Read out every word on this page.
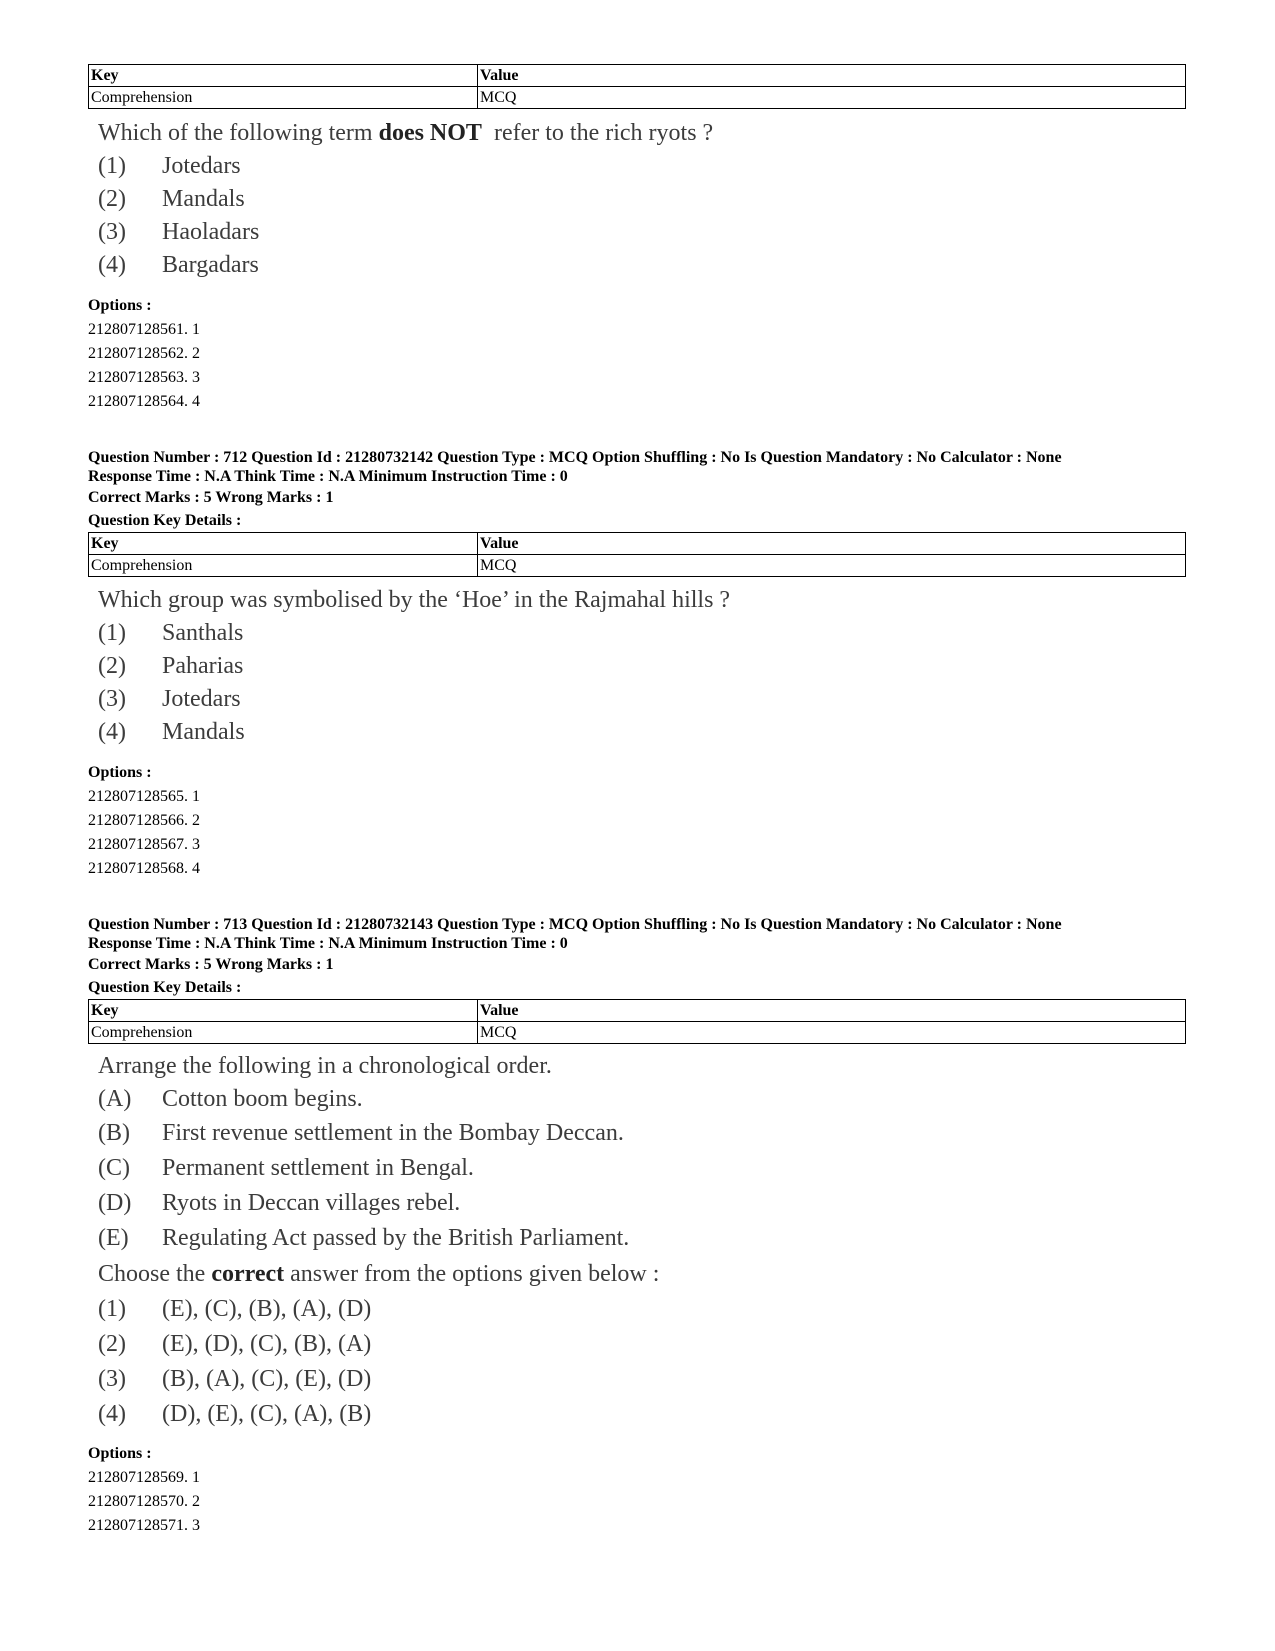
Key	Value
Comprehension	MCQ
Which of the following term does NOT  refer to the rich ryots ?
(1) Jotedars
(2) Mandals
(3) Haoladars
(4) Bargadars
Options :
212807128561. 1
212807128562. 2
212807128563. 3
212807128564. 4
Question Number : 712 Question Id : 21280732142 Question Type : MCQ Option Shuffling : No Is Question Mandatory : No Calculator : None
Response Time : N.A Think Time : N.A Minimum Instruction Time : 0
Correct Marks : 5 Wrong Marks : 1
Question Key Details :
Key	Value
Comprehension	MCQ
Which group was symbolised by the ‘Hoe’ in the Rajmahal hills ?
(1) Santhals
(2) Paharias
(3) Jotedars
(4) Mandals
Options :
212807128565. 1
212807128566. 2
212807128567. 3
212807128568. 4
Question Number : 713 Question Id : 21280732143 Question Type : MCQ Option Shuffling : No Is Question Mandatory : No Calculator : None
Response Time : N.A Think Time : N.A Minimum Instruction Time : 0
Correct Marks : 5 Wrong Marks : 1
Question Key Details :
Key	Value
Comprehension	MCQ
Arrange the following in a chronological order.
(A) Cotton boom begins.
(B) First revenue settlement in the Bombay Deccan.
(C) Permanent settlement in Bengal.
(D) Ryots in Deccan villages rebel.
(E) Regulating Act passed by the British Parliament.
Choose the correct answer from the options given below :
(1) (E), (C), (B), (A), (D)
(2) (E), (D), (C), (B), (A)
(3) (B), (A), (C), (E), (D)
(4) (D), (E), (C), (A), (B)
Options :
212807128569. 1
212807128570. 2
212807128571. 3
